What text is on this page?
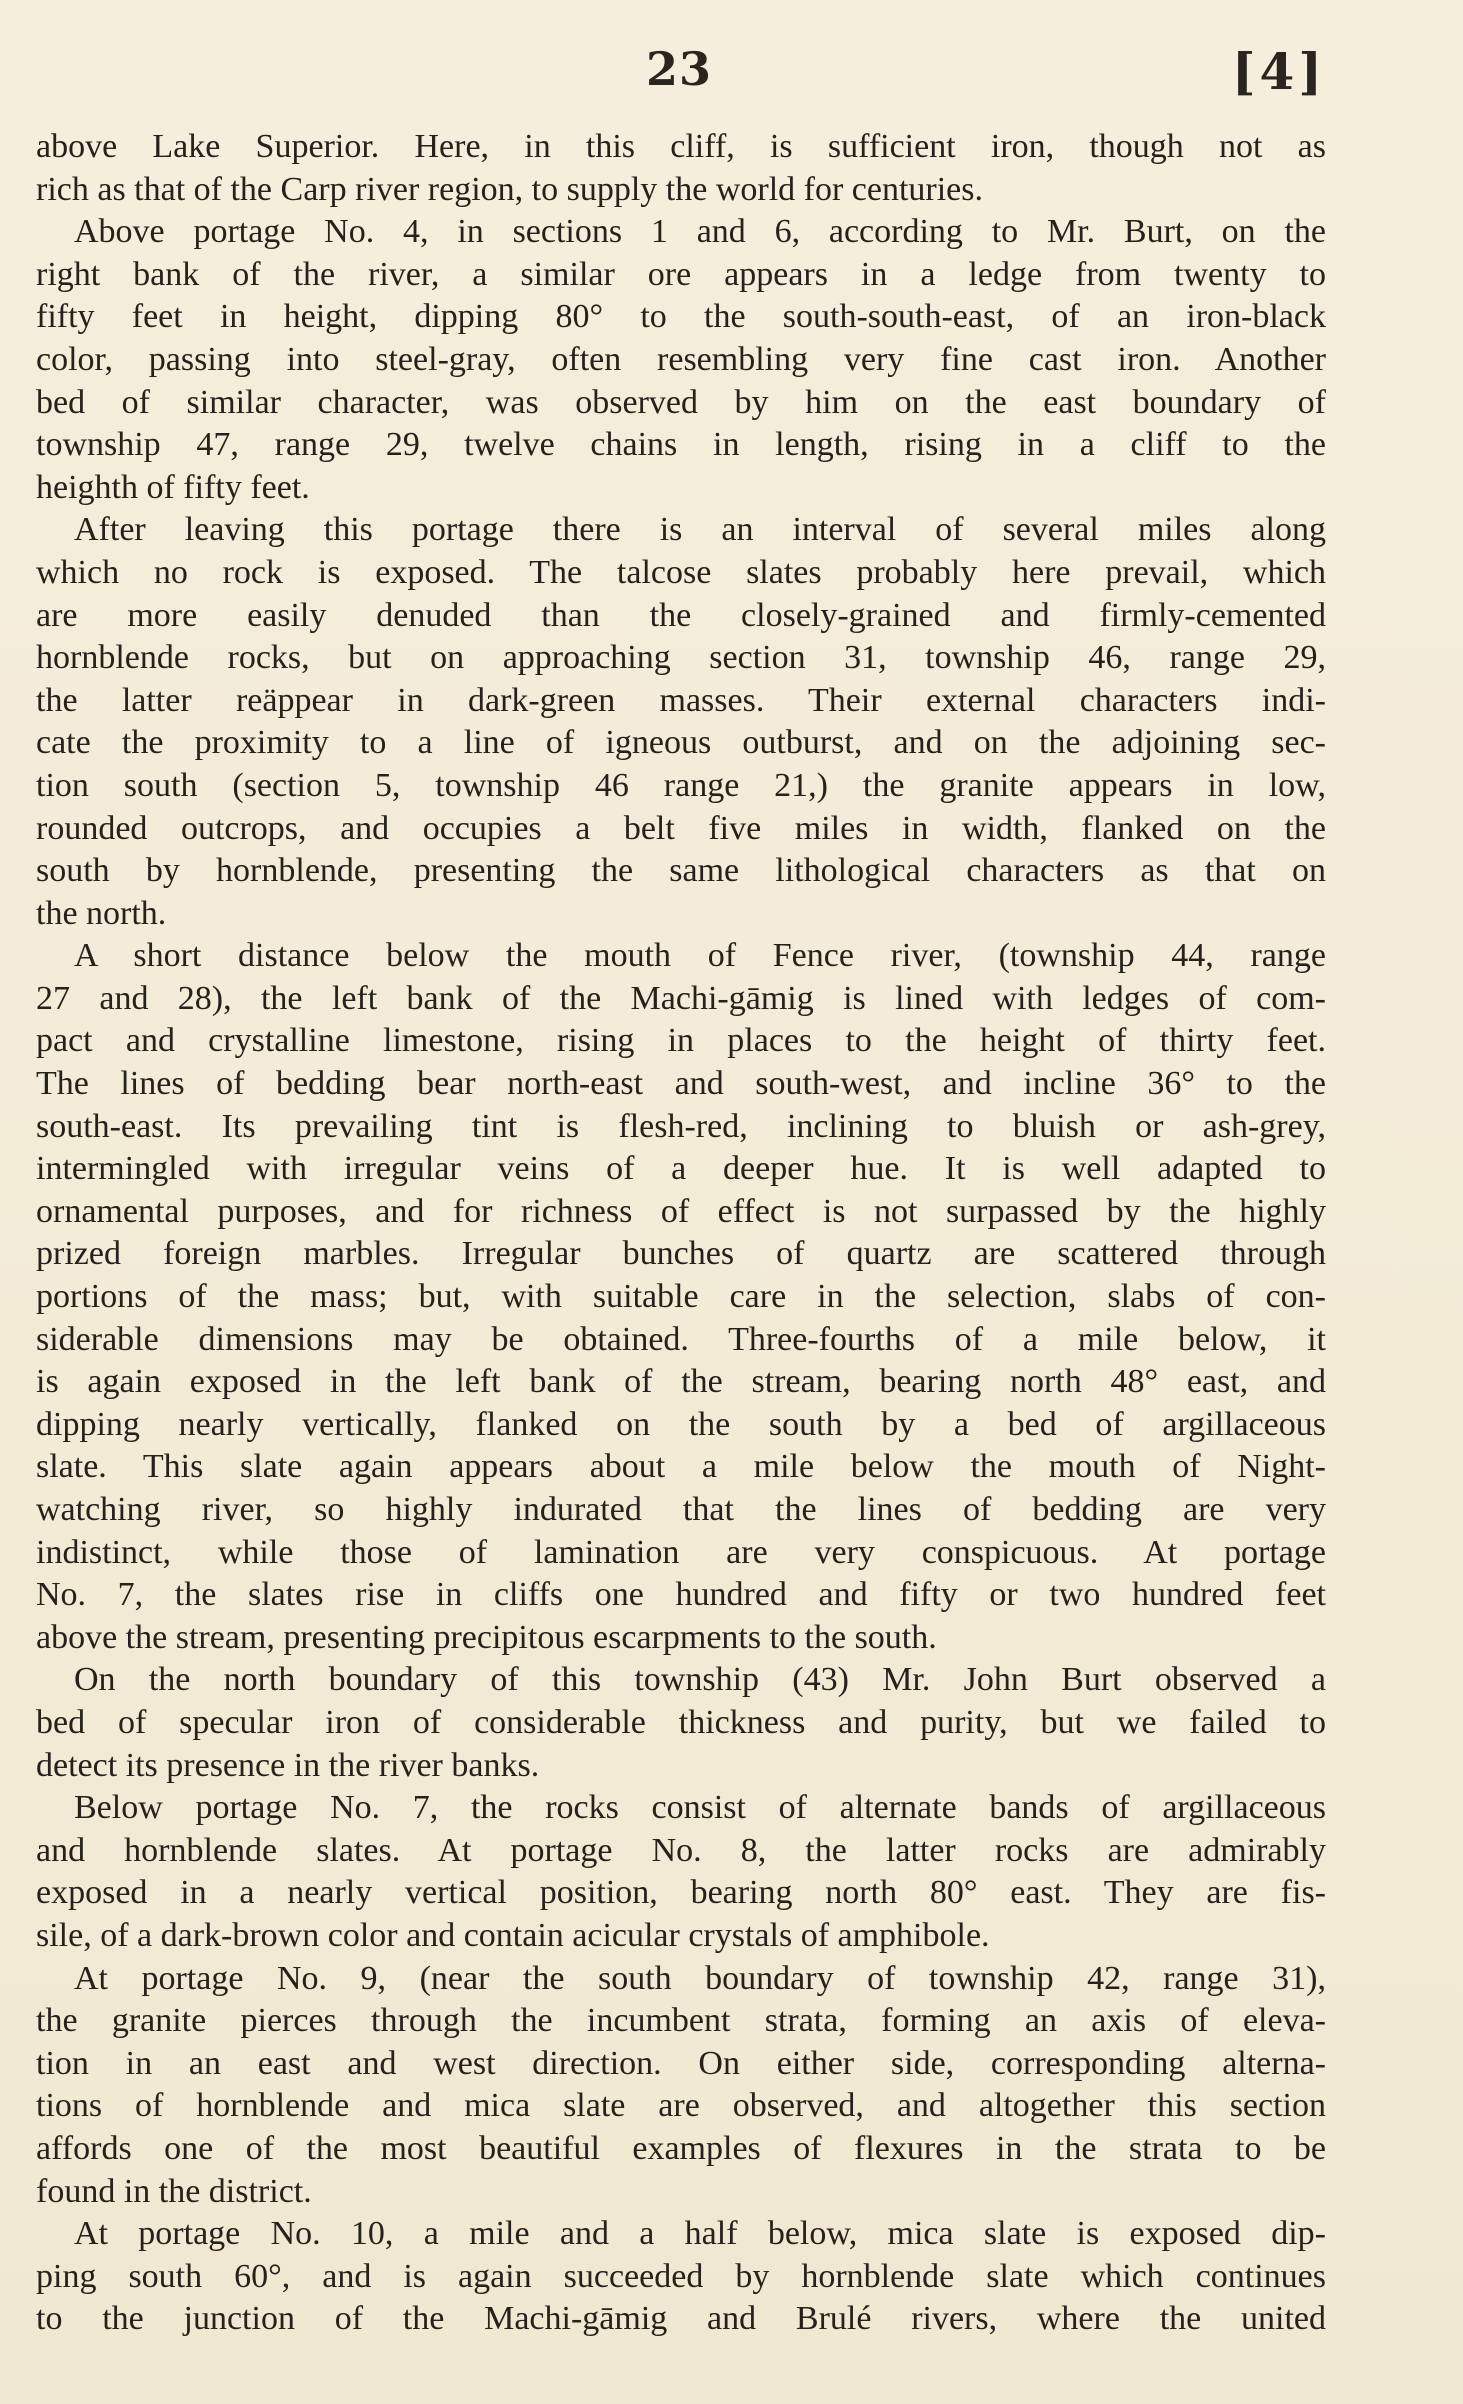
23	[4]

above Lake Superior. Here, in this cliff, is sufficient iron, though not as
rich as that of the Carp river region, to supply the world for centuries.

Above portage No. 4, in sections 1 and 6, according to Mr. Burt, on the
right bank of the river, a similar ore appears in a ledge from twenty to
fifty feet in height, dipping 80° to the south-south-east, of an iron-black
color, passing into steel-gray, often resembling very fine cast iron. Another
bed of similar character, was observed by him on the east boundary of
township 47, range 29, twelve chains in length, rising in a cliff to the
heighth of fifty feet.

After leaving this portage there is an interval of several miles along
which no rock is exposed. The talcose slates probably here prevail, which
are more easily denuded than the closely-grained and firmly-cemented
hornblende rocks, but on approaching section 31, township 46, range 29,
the latter reäppear in dark-green masses. Their external characters indi-
cate the proximity to a line of igneous outburst, and on the adjoining sec-
tion south (section 5, township 46 range 21,) the granite appears in low,
rounded outcrops, and occupies a belt five miles in width, flanked on the
south by hornblende, presenting the same lithological characters as that on
the north.

A short distance below the mouth of Fence river, (township 44, range
27 and 28), the left bank of the Machi-gāmig is lined with ledges of com-
pact and crystalline limestone, rising in places to the height of thirty feet.
The lines of bedding bear north-east and south-west, and incline 36° to the
south-east. Its prevailing tint is flesh-red, inclining to bluish or ash-grey,
intermingled with irregular veins of a deeper hue. It is well adapted to
ornamental purposes, and for richness of effect is not surpassed by the highly
prized foreign marbles. Irregular bunches of quartz are scattered through
portions of the mass; but, with suitable care in the selection, slabs of con-
siderable dimensions may be obtained. Three-fourths of a mile below, it
is again exposed in the left bank of the stream, bearing north 48° east, and
dipping nearly vertically, flanked on the south by a bed of argillaceous
slate. This slate again appears about a mile below the mouth of Night-
watching river, so highly indurated that the lines of bedding are very
indistinct, while those of lamination are very conspicuous. At portage
No. 7, the slates rise in cliffs one hundred and fifty or two hundred feet
above the stream, presenting precipitous escarpments to the south.

On the north boundary of this township (43) Mr. John Burt observed a
bed of specular iron of considerable thickness and purity, but we failed to
detect its presence in the river banks.

Below portage No. 7, the rocks consist of alternate bands of argillaceous
and hornblende slates. At portage No. 8, the latter rocks are admirably
exposed in a nearly vertical position, bearing north 80° east. They are fis-
sile, of a dark-brown color and contain acicular crystals of amphibole.

At portage No. 9, (near the south boundary of township 42, range 31),
the granite pierces through the incumbent strata, forming an axis of eleva-
tion in an east and west direction. On either side, corresponding alterna-
tions of hornblende and mica slate are observed, and altogether this section
affords one of the most beautiful examples of flexures in the strata to be
found in the district.

At portage No. 10, a mile and a half below, mica slate is exposed dip-
ping south 60°, and is again succeeded by hornblende slate which continues
to the junction of the Machi-gāmig and Brulé rivers, where the united
